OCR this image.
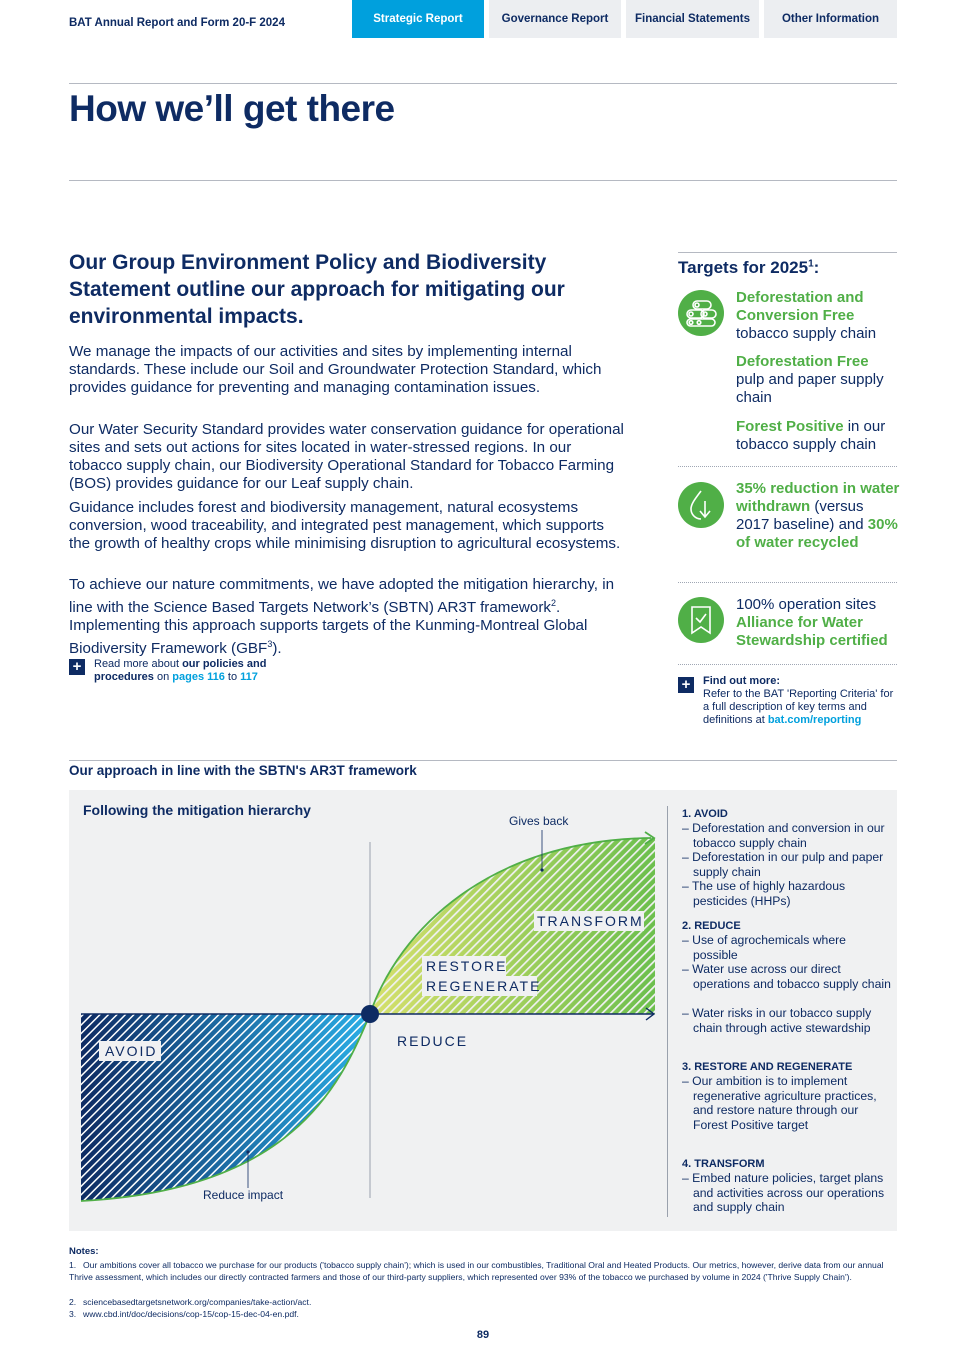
BAT Annual Report and Form 20-F 2024	Strategic Report	Governance Report	Financial Statements	Other Information
How we’ll get there
Our Group Environment Policy and Biodiversity Statement outline our approach for mitigating our environmental impacts.
We manage the impacts of our activities and sites by implementing internal standards. These include our Soil and Groundwater Protection Standard, which provides guidance for preventing and managing contamination issues.
Our Water Security Standard provides water conservation guidance for operational sites and sets out actions for sites located in water-stressed regions. In our tobacco supply chain, our Biodiversity Operational Standard for Tobacco Farming (BOS) provides guidance for our Leaf supply chain.
Guidance includes forest and biodiversity management, natural ecosystems conversion, wood traceability, and integrated pest management, which supports the growth of healthy crops while minimising disruption to agricultural ecosystems.
To achieve our nature commitments, we have adopted the mitigation hierarchy, in line with the Science Based Targets Network’s (SBTN) AR3T framework$^2$. Implementing this approach supports targets of the Kunming-Montreal Global Biodiversity Framework $(GBF^3)$.
+	Read more about our policies and procedures on pages 116 to 117
Targets for 2025$^1$:
Deforestation and Conversion Free
tobacco supply chain
Deforestation Free
pulp and paper supply chain
Forest Positive in our tobacco supply chain
35% reduction in water withdrawn (versus 2017 baseline) and 30% of water recycled
100% operation sites Alliance for Water Stewardship certified
+	Find out more:
Refer to the BAT 'Reporting Criteria' for a full description of key terms and definitions at bat.com/reporting
Our approach in line with the SBTN's AR3T framework
Following the mitigation hierarchy
AVOID
REDUCE
RESTORE
REGENERATE
TRANSFORM
Gives back
Reduce impact
1. AVOID
– Deforestation and conversion in our tobacco supply chain
– Deforestation in our pulp and paper supply chain
– The use of highly hazardous pesticides (HHPs)
2. REDUCE
– Use of agrochemicals where possible
– Water use across our direct operations and tobacco supply chain
– Water risks in our tobacco supply chain through active stewardship
3. RESTORE AND REGENERATE
– Our ambition is to implement regenerative agriculture practices, and restore nature through our Forest Positive target
4. TRANSFORM
– Embed nature policies, target plans and activities across our operations and supply chain
Notes:
1. Our ambitions cover all tobacco we purchase for our products ('tobacco supply chain'); which is used in our combustibles, Traditional Oral and Heated Products. Our metrics, however, derive data from our annual Thrive assessment, which includes our directly contracted farmers and those of our third-party suppliers, which represented over 93% of the tobacco we purchased by volume in 2024 ('Thrive Supply Chain').
2. sciencebasedtargetsnetwork.org/companies/take-action/act.
3. www.cbd.int/doc/decisions/cop-15/cop-15-dec-04-en.pdf.
89
